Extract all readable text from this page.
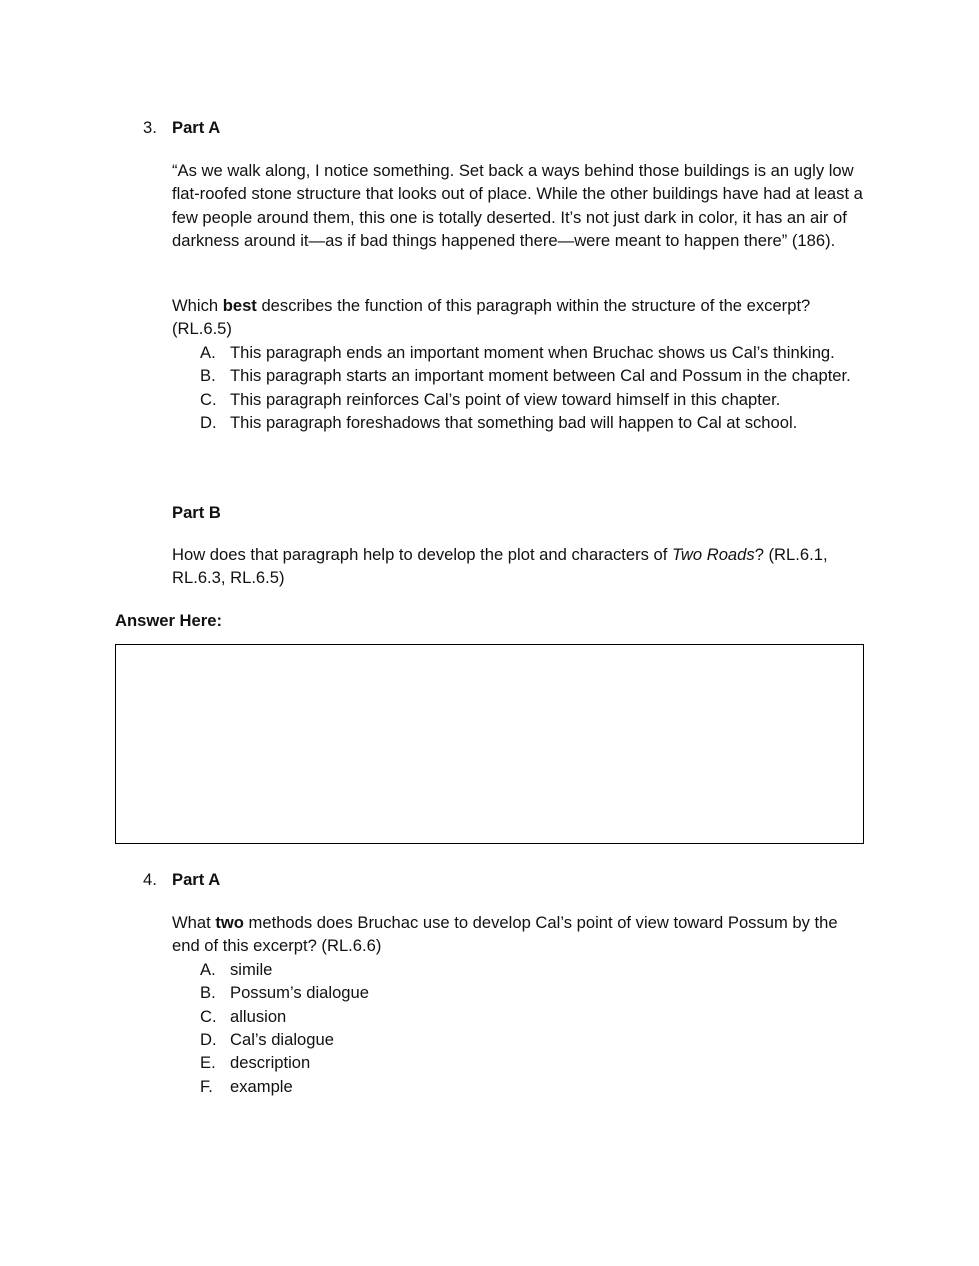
3. Part A

“As we walk along, I notice something. Set back a ways behind those buildings is an ugly low flat-roofed stone structure that looks out of place. While the other buildings have had at least a few people around them, this one is totally deserted. It’s not just dark in color, it has an air of darkness around it—as if bad things happened there—were meant to happen there” (186).

Which best describes the function of this paragraph within the structure of the excerpt? (RL.6.5)

A. This paragraph ends an important moment when Bruchac shows us Cal’s thinking.
B. This paragraph starts an important moment between Cal and Possum in the chapter.
C. This paragraph reinforces Cal’s point of view toward himself in this chapter.
D. This paragraph foreshadows that something bad will happen to Cal at school.
Part B

How does that paragraph help to develop the plot and characters of Two Roads? (RL.6.1, RL.6.3, RL.6.5)

Answer Here:
4. Part A

What two methods does Bruchac use to develop Cal’s point of view toward Possum by the end of this excerpt? (RL.6.6)

A. simile
B. Possum’s dialogue
C. allusion
D. Cal’s dialogue
E. description
F. example
